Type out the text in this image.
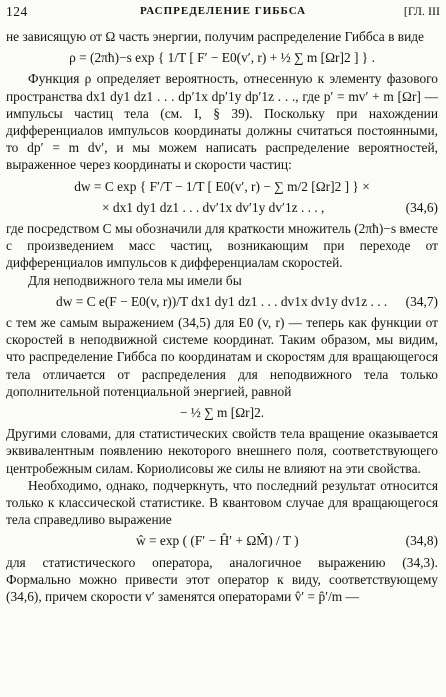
124	РАСПРЕДЕЛЕНИЕ ГИББСА	[ГЛ. III

не зависящую от Ω часть энергии, получим распределение Гиббса в виде

ρ = (2πħ)−s exp { 1/T [ F′ − E0(v′, r) + ½ ∑ m [Ωr]2 ] } .

Функция ρ определяет вероятность, отнесенную к элементу фазового пространства dx1 dy1 dz1 . . . dp′1x dp′1y dp′1z . . ., где p′ = mv′ + m [Ωr] — импульсы частиц тела (см. I, § 39). Поскольку при нахождении дифференциалов импульсов координаты должны считаться постоянными, то dp′ = m dv′, и мы можем написать распределение вероятностей, выраженное через координаты и скорости частиц:

dw = C exp { F′/T − 1/T [ E0(v′, r) − ∑ m/2 [Ωr]2 ] } ×
× dx1 dy1 dz1 . . . dv′1x dv′1y dv′1z . . . ,	(34,6)

где посредством C мы обозначили для краткости множитель (2πħ)−s вместе с произведением масс частиц, возникающим при переходе от дифференциалов импульсов к дифференциалам скоростей.

Для неподвижного тела мы имели бы

dw = C e(F − E0(v, r))/T dx1 dy1 dz1 . . . dv1x dv1y dv1z . . . (34,7)

с тем же самым выражением (34,5) для E0 (v, r) — теперь как функции от скоростей в неподвижной системе координат. Таким образом, мы видим, что распределение Гиббса по координатам и скоростям для вращающегося тела отличается от распределения для неподвижного тела только дополнительной потенциальной энергией, равной

− ½ ∑ m [Ωr]2.

Другими словами, для статистических свойств тела вращение оказывается эквивалентным появлению некоторого внешнего поля, соответствующего центробежным силам. Кориолисовы же силы не влияют на эти свойства.

Необходимо, однако, подчеркнуть, что последний результат относится только к классической статистике. В квантовом случае для вращающегося тела справедливо выражение

ŵ = exp ( (F′ − Ĥ′ + ΩM̂) / T )	(34,8)

для статистического оператора, аналогичное выражению (34,3). Формально можно привести этот оператор к виду, соответствующему (34,6), причем скорости v′ заменятся операторами v̂′ = p̂′/m —
